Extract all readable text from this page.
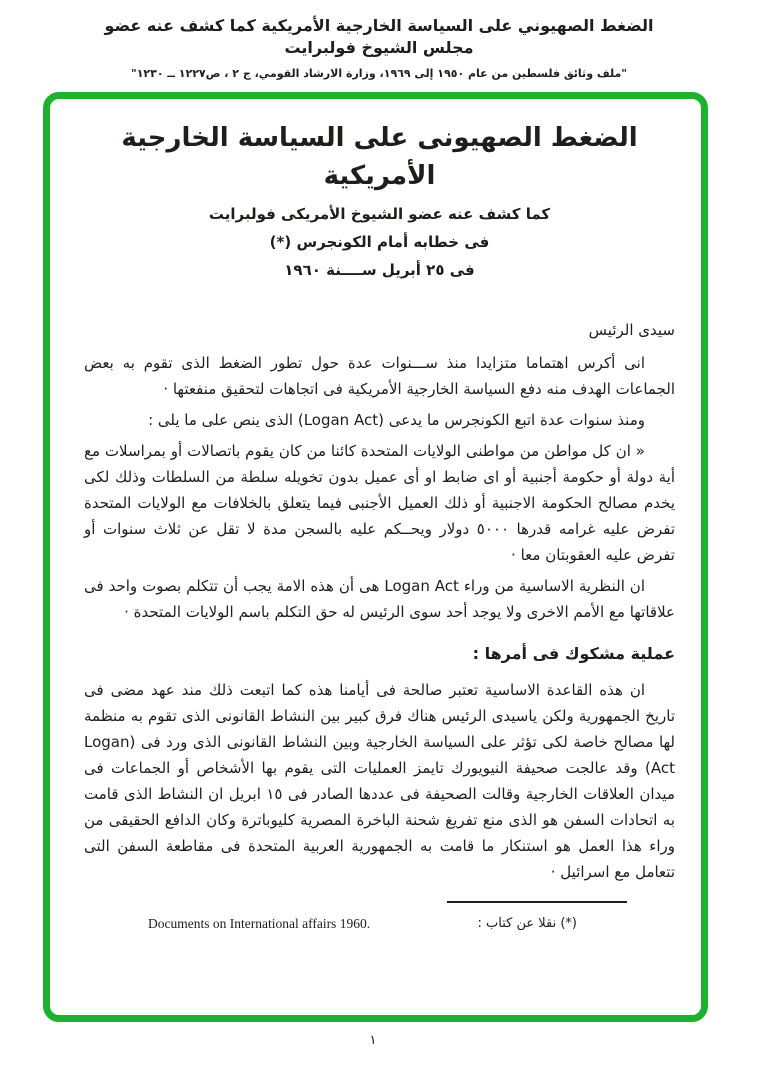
الضغط الصهيوني على السياسة الخارجية الأمريكية كما كشف عنه عضو مجلس الشيوخ فولبرايت
"ملف وثائق فلسطين من عام ١٩٥٠ إلى ١٩٦٩، وزارة الارشاد القومي، ج ٢ ، ص١٢٢٧ ــ ١٢٣٠"
الضغط الصهيونى على السياسة الخارجية الأمريكية
كما كشف عنه عضو الشيوخ الأمريكى فولبرايت
فى خطابه أمام الكونجرس (*)
فى ٢٥ أبريل ســــنة ١٩٦٠

سيدى الرئيس

انى أكرس اهتماما متزايدا منذ ســـنوات عدة حول تطور الضغط الذى تقوم به بعض الجماعات الهدف منه دفع السياسة الخارجية الأمريكية فى اتجاهات لتحقيق منفعتها ·

ومنذ سنوات عدة اتبع الكونجرس ما يدعى (Logan Act) الذى ينص على ما يلى :

« ان كل مواطن من مواطنى الولايات المتحدة كائنا من كان يقوم باتصالات أو بمراسلات مع أية دولة أو حكومة أجنبية أو اى ضابط او أى عميل بدون تخويله سلطة من السلطات وذلك لكى يخدم مصالح الحكومة الاجنبية أو ذلك العميل الأجنبى فيما يتعلق بالخلافات مع الولايات المتحدة تفرض عليه غرامه قدرها ٥٠٠٠ دولار ويحــكم عليه بالسجن مدة لا تقل عن ثلاث سنوات أو تفرض عليه العقوبتان معا ·

ان النظرية الاساسية من وراء Logan Act هى أن هذه الامة يجب أن تتكلم بصوت واحد فى علاقاتها مع الأمم الاخرى ولا يوجد أحد سوى الرئيس له حق التكلم باسم الولايات المتحدة ·

عملية مشكوك فى أمرها :

ان هذه القاعدة الاساسية تعتبر صالحة فى أيامنا هذه كما اتبعت ذلك مند عهد مضى فى تاريخ الجمهورية ولكن ياسيدى الرئيس هناك فرق كبير بين النشاط القانونى الذى تقوم به منظمة لها مصالح خاصة لكى تؤثر على السياسة الخارجية وبين النشاط القانونى الذى ورد فى (Logan Act) وقد عالجت صحيفة النيويورك تايمز العمليات التى يقوم بها الأشخاص أو الجماعات فى ميدان العلاقات الخارجية وقالت الصحيفة فى عددها الصادر فى ١٥ ابريل ان النشاط الذى قامت به اتحادات السفن هو الذى منع تفريغ شحنة الباخرة المصرية كليوباترة وكان الدافع الحقيقى من وراء هذا العمل هو استنكار ما قامت به الجمهورية العربية المتحدة فى مقاطعة السفن التى تتعامل مع اسرائيل ·

(*) نقلا عن كتاب :
Documents on International affairs 1960.
١
